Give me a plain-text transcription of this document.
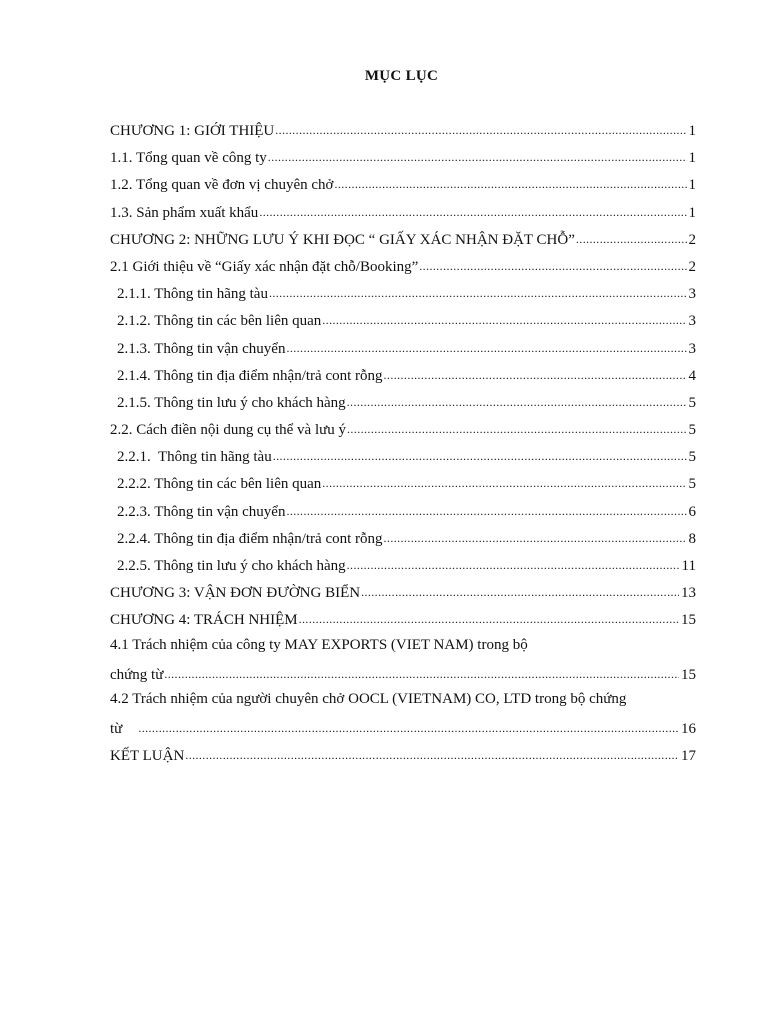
MỤC LỤC
CHƯƠNG 1: GIỚI THIỆU .....	1
1.1. Tổng quan về công ty .....	1
1.2. Tổng quan về đơn vị chuyên chở .....	1
1.3. Sản phẩm xuất khẩu .....	1
CHƯƠNG 2: NHỮNG LƯU Ý KHI ĐỌC “ GIẤY XÁC NHẬN ĐẶT CHỖ” .....	2
2.1 Giới thiệu về “Giấy xác nhận đặt chỗ/Booking” .....	2
2.1.1. Thông tin hãng tàu .....	3
2.1.2. Thông tin các bên liên quan .....	3
2.1.3. Thông tin vận chuyển .....	3
2.1.4. Thông tin địa điểm nhận/trả cont rỗng .....	4
2.1.5. Thông tin lưu ý cho khách hàng .....	5
2.2. Cách điền nội dung cụ thể và lưu ý .....	5
2.2.1.  Thông tin hãng tàu .....	5
2.2.2. Thông tin các bên liên quan .....	5
2.2.3. Thông tin vận chuyển .....	6
2.2.4. Thông tin địa điểm nhận/trả cont rỗng .....	8
2.2.5. Thông tin lưu ý cho khách hàng .....	11
CHƯƠNG 3: VẬN ĐƠN ĐƯỜNG BIỂN .....	13
CHƯƠNG 4: TRÁCH NHIỆM .....	15
4.1 Trách nhiệm của công ty MAY EXPORTS (VIET NAM) trong bộ
chứng từ .....	15
4.2 Trách nhiệm của người chuyên chở OOCL (VIETNAM) CO, LTD trong bộ chứng
từ .....	16
KẾT LUẬN .....	17
